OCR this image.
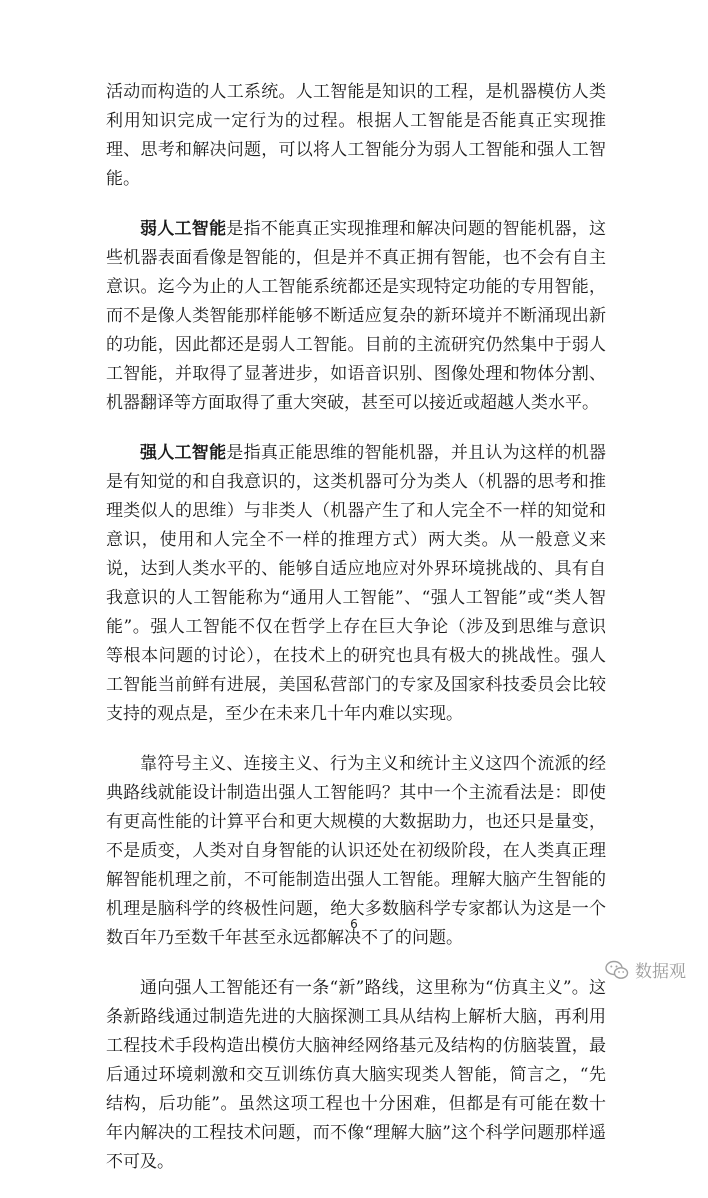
活动而构造的人工系统。人工智能是知识的工程，是机器模仿人类利用知识完成一定行为的过程。根据人工智能是否能真正实现推理、思考和解决问题，可以将人工智能分为弱人工智能和强人工智能。

弱人工智能是指不能真正实现推理和解决问题的智能机器，这些机器表面看像是智能的，但是并不真正拥有智能，也不会有自主意识。迄今为止的人工智能系统都还是实现特定功能的专用智能，而不是像人类智能那样能够不断适应复杂的新环境并不断涌现出新的功能，因此都还是弱人工智能。目前的主流研究仍然集中于弱人工智能，并取得了显著进步，如语音识别、图像处理和物体分割、机器翻译等方面取得了重大突破，甚至可以接近或超越人类水平。

强人工智能是指真正能思维的智能机器，并且认为这样的机器是有知觉的和自我意识的，这类机器可分为类人（机器的思考和推理类似人的思维）与非类人（机器产生了和人完全不一样的知觉和意识，使用和人完全不一样的推理方式）两大类。从一般意义来说，达到人类水平的、能够自适应地应对外界环境挑战的、具有自我意识的人工智能称为“通用人工智能”、“强人工智能”或“类人智能”。强人工智能不仅在哲学上存在巨大争论（涉及到思维与意识等根本问题的讨论），在技术上的研究也具有极大的挑战性。强人工智能当前鲜有进展，美国私营部门的专家及国家科技委员会比较支持的观点是，至少在未来几十年内难以实现。

靠符号主义、连接主义、行为主义和统计主义这四个流派的经典路线就能设计制造出强人工智能吗？其中一个主流看法是：即使有更高性能的计算平台和更大规模的大数据助力，也还只是量变，不是质变，人类对自身智能的认识还处在初级阶段，在人类真正理解智能机理之前，不可能制造出强人工智能。理解大脑产生智能的机理是脑科学的终极性问题，绝大多数脑科学专家都认为这是一个数百年乃至数千年甚至永远都解决不了的问题。

通向强人工智能还有一条“新”路线，这里称为“仿真主义”。这条新路线通过制造先进的大脑探测工具从结构上解析大脑，再利用工程技术手段构造出模仿大脑神经网络基元及结构的仿脑装置，最后通过环境刺激和交互训练仿真大脑实现类人智能，简言之，“先结构，后功能”。虽然这项工程也十分困难，但都是有可能在数十年内解决的工程技术问题，而不像“理解大脑”这个科学问题那样遥不可及。

6
数据观
